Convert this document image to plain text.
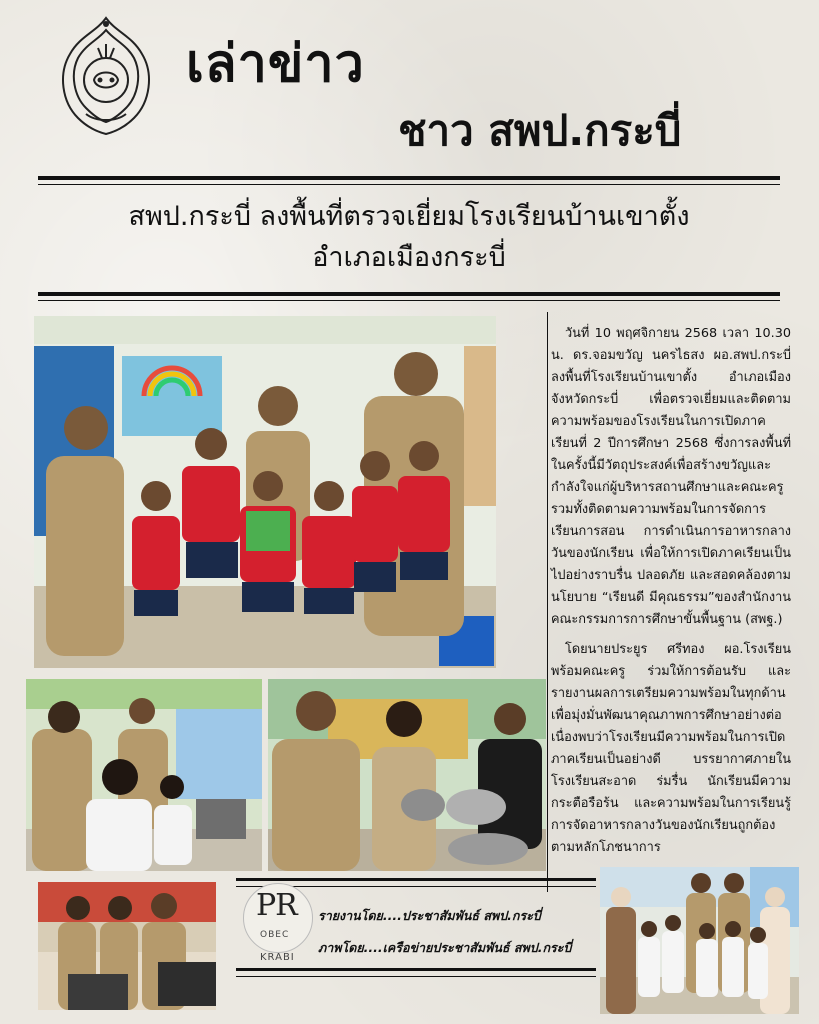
เล่าข่าว
ชาว สพป.กระบี่
สพป.กระบี่ ลงพื้นที่ตรวจเยี่ยมโรงเรียนบ้านเขาตั้ง
อำเภอเมืองกระบี่

วันที่ 10 พฤศจิกายน 2568 เวลา 10.30 น. ดร.จอมขวัญ นครไธสง ผอ.สพป.กระบี่ ลงพื้นที่โรงเรียนบ้านเขาตั้ง อำเภอเมือง จังหวัดกระบี่ เพื่อตรวจเยี่ยมและติดตามความพร้อมของโรงเรียนในการเปิดภาคเรียนที่ 2 ปีการศึกษา 2568 ซึ่งการลงพื้นที่ในครั้งนี้มีวัตถุประสงค์เพื่อสร้างขวัญและกำลังใจแก่ผู้บริหารสถานศึกษาและคณะครู รวมทั้งติดตามความพร้อมในการจัดการเรียนการสอน การดำเนินการอาหารกลางวันของนักเรียน เพื่อให้การเปิดภาคเรียนเป็นไปอย่างราบรื่น ปลอดภัย และสอดคล้องตามนโยบาย “เรียนดี มีคุณธรรม”ของสำนักงานคณะกรรมการการศึกษาขั้นพื้นฐาน (สพฐ.)

โดยนายประยูร ศรีทอง ผอ.โรงเรียนพร้อมคณะครู ร่วมให้การต้อนรับ และรายงานผลการเตรียมความพร้อมในทุกด้าน เพื่อมุ่งมั่นพัฒนาคุณภาพการศึกษาอย่างต่อเนื่องพบว่าโรงเรียนมีความพร้อมในการเปิดภาคเรียนเป็นอย่างดี บรรยากาศภายในโรงเรียนสะอาด ร่มรื่น นักเรียนมีความกระตือรือร้น และความพร้อมในการเรียนรู้ การจัดอาหารกลางวันของนักเรียนถูกต้องตามหลักโภชนาการ

PR
OBEC
KRABI
รายงานโดย....ประชาสัมพันธ์ สพป.กระบี่
ภาพโดย....เครือข่ายประชาสัมพันธ์ สพป.กระบี่
